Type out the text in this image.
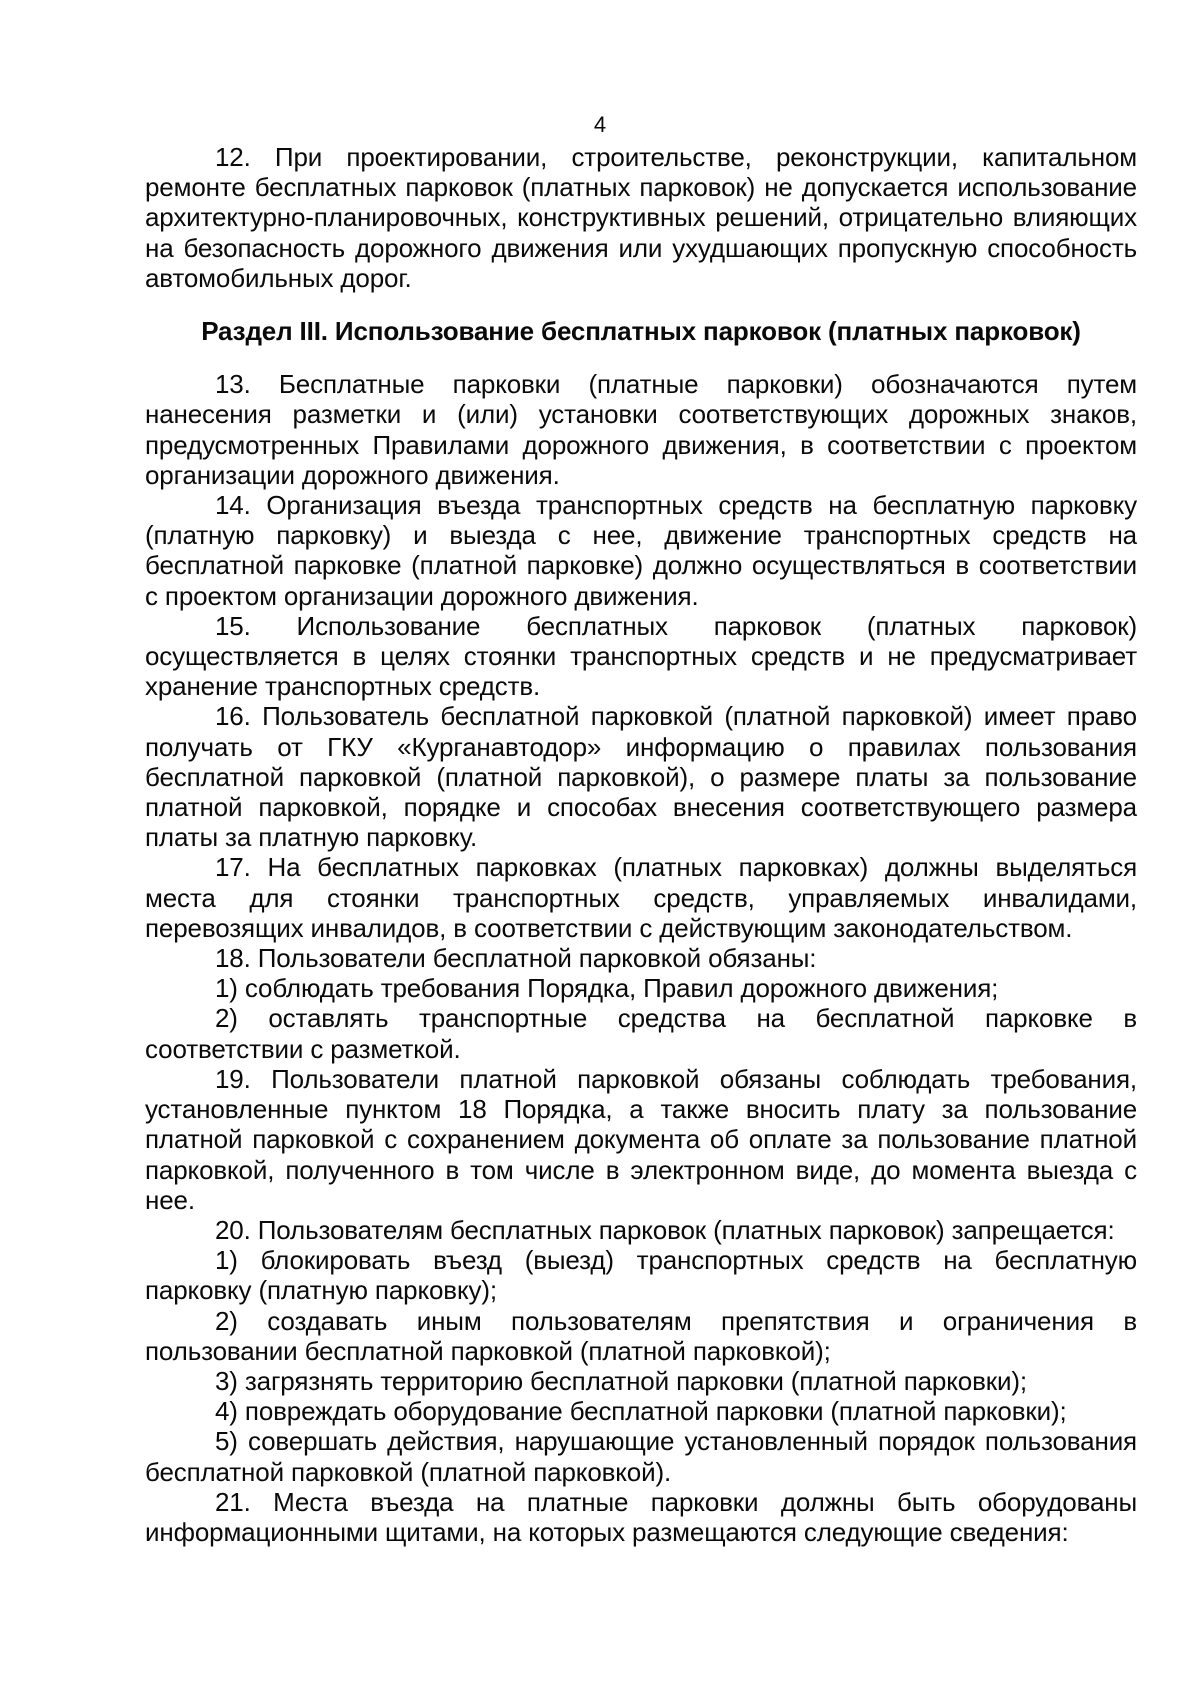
4

12. При проектировании, строительстве, реконструкции, капитальном ремонте бесплатных парковок (платных парковок) не допускается использование архитектурно-планировочных, конструктивных решений, отрицательно влияющих на безопасность дорожного движения или ухудшающих пропускную способность автомобильных дорог.

Раздел III. Использование бесплатных парковок (платных парковок)

13. Бесплатные парковки (платные парковки) обозначаются путем нанесения разметки и (или) установки соответствующих дорожных знаков, предусмотренных Правилами дорожного движения, в соответствии с проектом организации дорожного движения.

14. Организация въезда транспортных средств на бесплатную парковку (платную парковку) и выезда с нее, движение транспортных средств на бесплатной парковке (платной парковке) должно осуществляться в соответствии с проектом организации дорожного движения.

15. Использование бесплатных парковок (платных парковок) осуществляется в целях стоянки транспортных средств и не предусматривает хранение транспортных средств.

16. Пользователь бесплатной парковкой (платной парковкой) имеет право получать от ГКУ «Курганавтодор» информацию о правилах пользования бесплатной парковкой (платной парковкой), о размере платы за пользование платной парковкой, порядке и способах внесения соответствующего размера платы за платную парковку.

17. На бесплатных парковках (платных парковках) должны выделяться места для стоянки транспортных средств, управляемых инвалидами, перевозящих инвалидов, в соответствии с действующим законодательством.

18. Пользователи бесплатной парковкой обязаны:

1) соблюдать требования Порядка, Правил дорожного движения;

2) оставлять транспортные средства на бесплатной парковке в соответствии с разметкой.

19. Пользователи платной парковкой обязаны соблюдать требования, установленные пунктом 18 Порядка, а также вносить плату за пользование платной парковкой с сохранением документа об оплате за пользование платной парковкой, полученного в том числе в электронном виде, до момента выезда с нее.

20. Пользователям бесплатных парковок (платных парковок) запрещается:

1) блокировать въезд (выезд) транспортных средств на бесплатную парковку (платную парковку);

2) создавать иным пользователям препятствия и ограничения в пользовании бесплатной парковкой (платной парковкой);

3) загрязнять территорию бесплатной парковки (платной парковки);

4) повреждать оборудование бесплатной парковки (платной парковки);

5) совершать действия, нарушающие установленный порядок пользования бесплатной парковкой (платной парковкой).

21. Места въезда на платные парковки должны быть оборудованы информационными щитами, на которых размещаются следующие сведения:
